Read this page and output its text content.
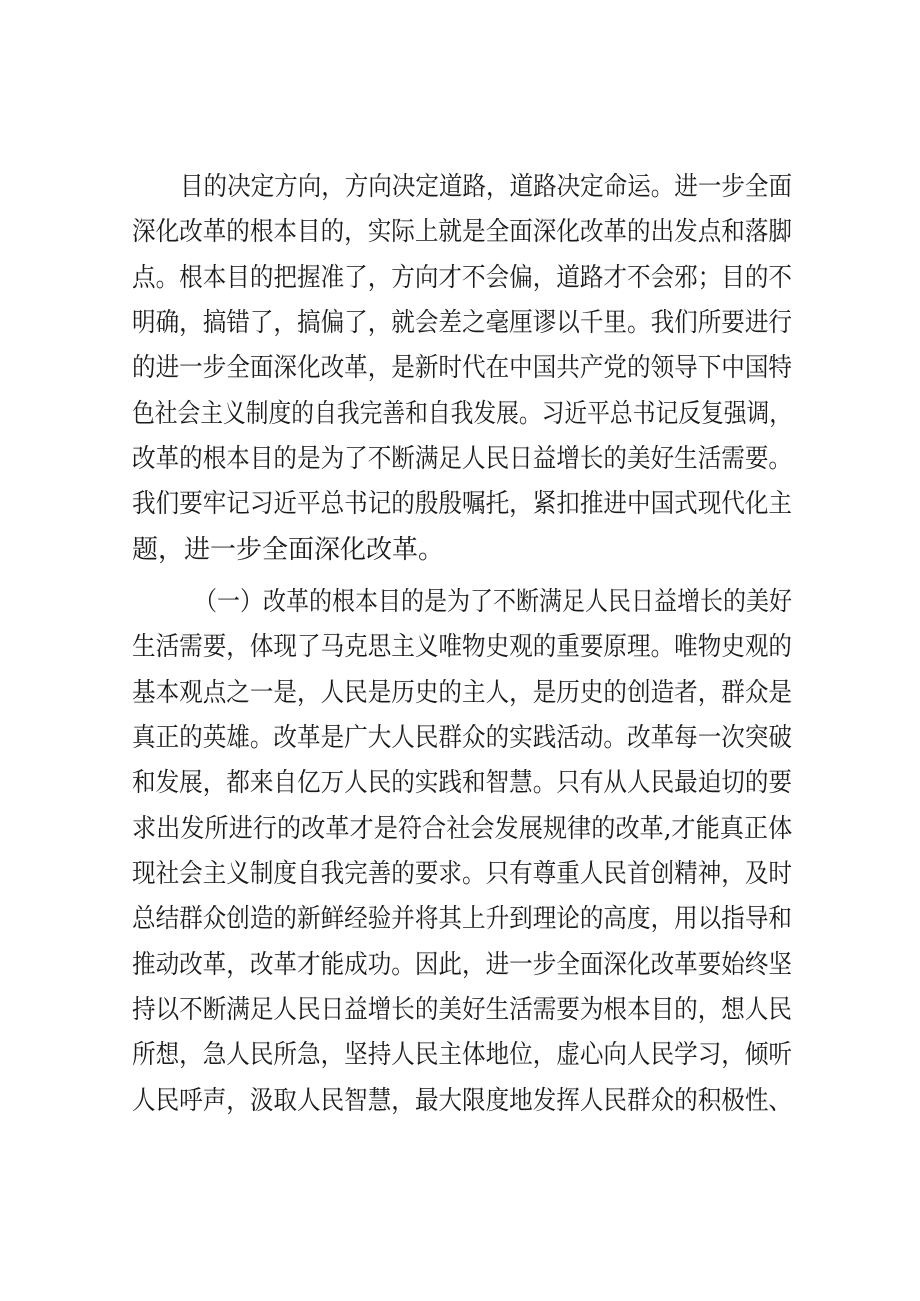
目的决定方向，方向决定道路，道路决定命运。进一步全面
深化改革的根本目的，实际上就是全面深化改革的出发点和落脚
点。根本目的把握准了，方向才不会偏，道路才不会邪；目的不
明确，搞错了，搞偏了，就会差之毫厘谬以千里。我们所要进行
的进一步全面深化改革，是新时代在中国共产党的领导下中国特
色社会主义制度的自我完善和自我发展。习近平总书记反复强调，
改革的根本目的是为了不断满足人民日益增长的美好生活需要。
我们要牢记习近平总书记的殷殷嘱托，紧扣推进中国式现代化主
题，进一步全面深化改革。
（一）改革的根本目的是为了不断满足人民日益增长的美好
生活需要，体现了马克思主义唯物史观的重要原理。唯物史观的
基本观点之一是，人民是历史的主人，是历史的创造者，群众是
真正的英雄。改革是广大人民群众的实践活动。改革每一次突破
和发展，都来自亿万人民的实践和智慧。只有从人民最迫切的要
求出发所进行的改革才是符合社会发展规律的改革,才能真正体
现社会主义制度自我完善的要求。只有尊重人民首创精神，及时
总结群众创造的新鲜经验并将其上升到理论的高度，用以指导和
推动改革，改革才能成功。因此，进一步全面深化改革要始终坚
持以不断满足人民日益增长的美好生活需要为根本目的，想人民
所想，急人民所急，坚持人民主体地位，虚心向人民学习，倾听
人民呼声，汲取人民智慧，最大限度地发挥人民群众的积极性、
